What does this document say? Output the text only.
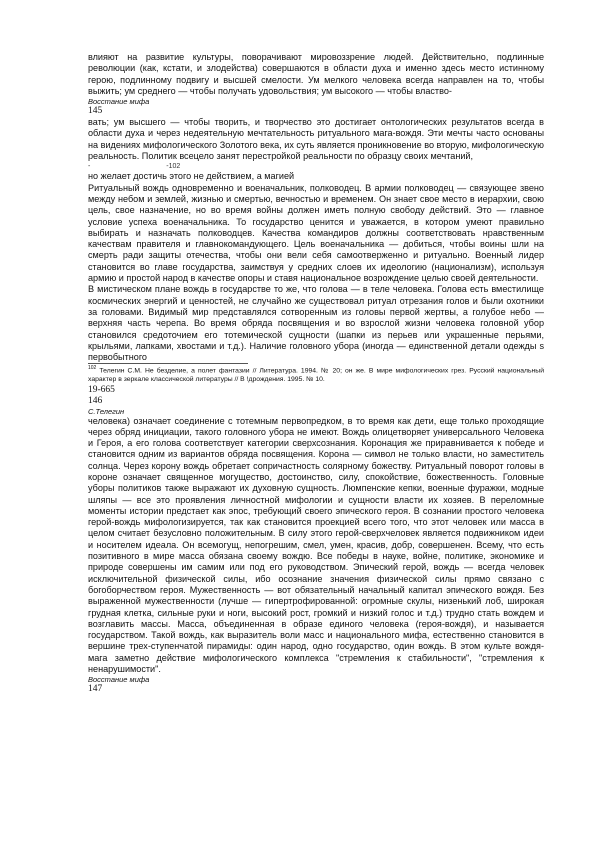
влияют на развитие культуры, поворачивают мировоззрение людей. Действительно, подлинные революции (как, кстати, и злодейства) совершаются в области духа и именно здесь место истинному герою, подлинному подвигу и высшей смелости. Ум мелкого человека всегда направлен на то, чтобы выжить; ум среднего — чтобы получать удовольствия; ум высокого — чтобы властво-

Восстание мифа

145

вать; ум высшего — чтобы творить, и творчество это достигает онтологических результатов всегда в области духа и через недеятельную мечтательность ритуального мага-вождя. Эти мечты часто основаны на видениях мифологического Золотого века, их суть является проникновение во вторую, мифологическую реальность. Политик всецело занят перестройкой реальности по образцу своих мечтаний,

-	-102

но желает достичь этого не действием, а магией

Ритуальный вождь одновременно и военачальник, полководец. В армии полководец — связующее звено между небом и землей, жизнью и смертью, вечностью и временем. Он знает свое место в иерархии, свою цель, свое назначение, но во время войны должен иметь полную свободу действий. Это — главное условие успеха военачальника. То государство ценится и уважается, в котором умеют правильно выбирать и назначать полководцев. Качества командиров должны соответствовать нравственным качествам правителя и главнокомандующего. Цель военачальника — добиться, чтобы воины шли на смерть ради защиты отечества, чтобы они вели себя самоотверженно и ритуально. Военный лидер становится во главе государства, заимствуя у средних слоев их идеологию (национализм), используя армию и простой народ в качестве опоры и ставя национальное возрождение целью своей деятельности.

В мистическом плане вождь в государстве то же, что голова — в теле человека. Голова есть вместилище космических энергий и ценностей, не случайно же существовал ритуал отрезания голов и были охотники за головами. Видимый мир представлялся сотворенным из головы первой жертвы, а голубое небо — верхняя часть черепа. Во время обряда посвящения и во взрослой жизни человека головной убор становился средоточием его тотемической сущности (шапки из перьев или украшенные перьями, крыльями, лапками, хвостами и т.д.). Наличие головного убора (иногда — единственной детали одежды s первобытного

$^{102}$ Телегин С.М. Не безделие, а полет фантазии // Литература. 1994. № 20; он же. В мире мифологических грез. Русский национальный характер в зеркале классической литературы // В !дрождения. 1995. № 10.

19-665

146

С.Телегин

человека) означает соединение с тотемным первопредком, в то время как дети, еще только проходящие через обряд инициации, такого головного убора не имеют. Вождь олицетворяет универсального Человека и Героя, а его голова соответствует категории сверхсознания. Коронация же приравнивается к победе и становится одним из вариантов обряда посвящения. Корона — символ не только власти, но заместитель солнца. Через корону вождь обретает сопричастность солярному божеству. Ритуальный поворот головы в короне означает священное могущество, достоинство, силу, спокойствие, божественность. Головные уборы политиков также выражают их духовную сущность. Люмпенские кепки, военные фуражки, модные шляпы — все это проявления личностной мифологии и сущности власти их хозяев. В переломные моменты истории предстает как эпос, требующий своего эпического героя. В сознании простого человека герой-вождь мифологизируется, так как становится проекцией всего того, что этот человек или масса в целом считает безусловно положительным. В силу этого герой-сверхчеловек является подвижником идеи и носителем идеала. Он всемогущ, непогрешим, смел, умен, красив, добр, совершенен. Всему, что есть позитивного в мире масса обязана своему вождю. Все победы в науке, войне, политике, экономике и природе совершены им самим или под его руководством. Эпический герой, вождь — всегда человек исключительной физической силы, ибо осознание значения физической силы прямо связано с богоборчеством героя. Мужественность — вот обязательный начальный капитал эпического вождя. Без выраженной мужественности (лучше — гипертрофированной: огромные скулы, низенький лоб, широкая грудная клетка, сильные руки и ноги, высокий рост, громкий и низкий голос и т.д.) трудно стать вождем и возглавить массы. Масса, объединенная в образе единого человека (героя-вождя), и называется государством. Такой вождь, как выразитель воли масс и национального мифа, естественно становится в вершине трех-ступенчатой пирамиды: один народ, одно государство, один вождь. В этом культе вождя-мага заметно действие мифологического комплекса "стремления к стабильности", "стремления к ненарушимости".

Восстание мифа

147
